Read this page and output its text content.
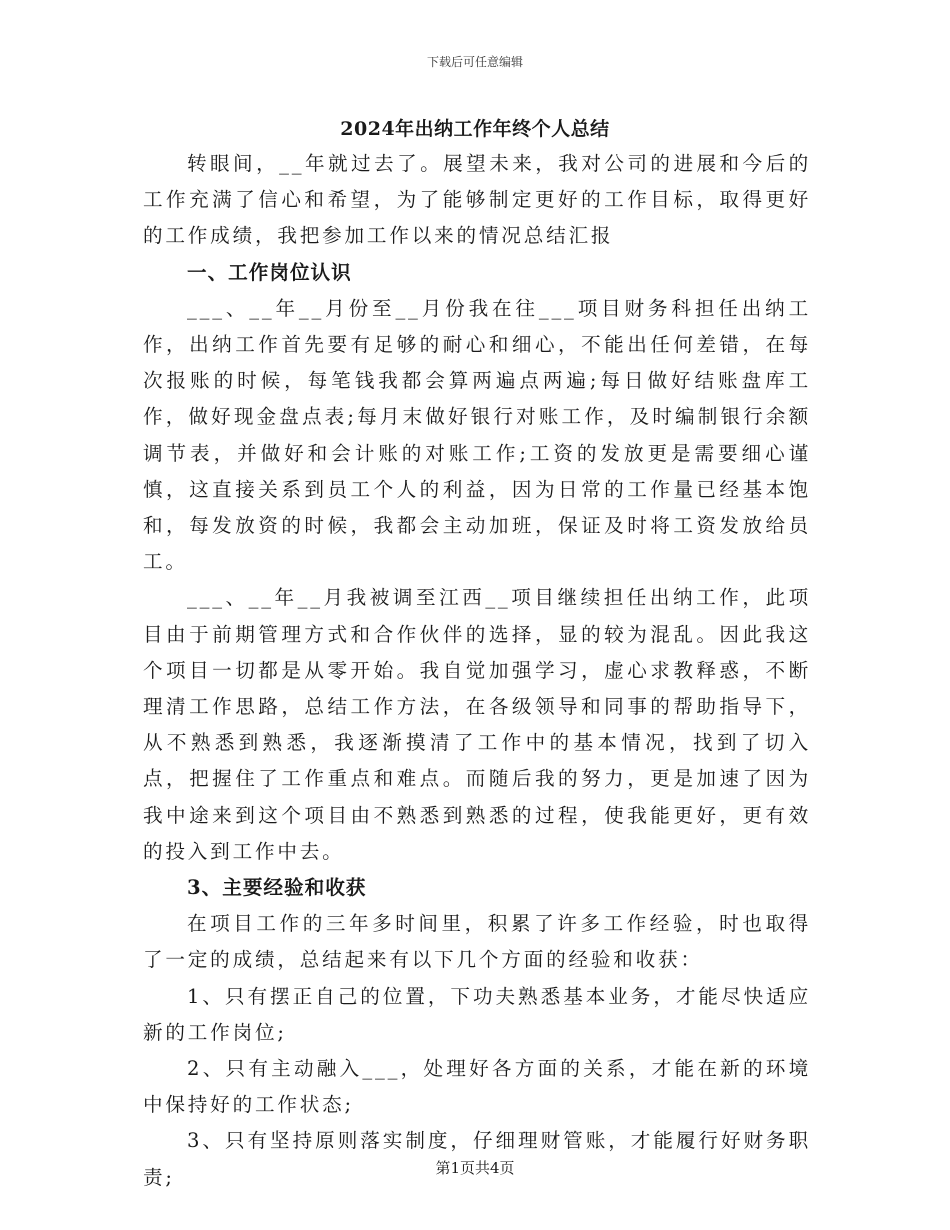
下载后可任意编辑
2024年出纳工作年终个人总结

转眼间，__年就过去了。展望未来，我对公司的进展和今后的工作充满了信心和希望，为了能够制定更好的工作目标，取得更好的工作成绩，我把参加工作以来的情况总结汇报

一、工作岗位认识

___、__年__月份至__月份我在往___项目财务科担任出纳工作，出纳工作首先要有足够的耐心和细心，不能出任何差错，在每次报账的时候，每笔钱我都会算两遍点两遍;每日做好结账盘库工作，做好现金盘点表;每月末做好银行对账工作，及时编制银行余额调节表，并做好和会计账的对账工作;工资的发放更是需要细心谨慎，这直接关系到员工个人的利益，因为日常的工作量已经基本饱和，每发放资的时候，我都会主动加班，保证及时将工资发放给员工。

___、__年__月我被调至江西__项目继续担任出纳工作，此项目由于前期管理方式和合作伙伴的选择，显的较为混乱。因此我这个项目一切都是从零开始。我自觉加强学习，虚心求教释惑，不断理清工作思路，总结工作方法，在各级领导和同事的帮助指导下，从不熟悉到熟悉，我逐渐摸清了工作中的基本情况，找到了切入点，把握住了工作重点和难点。而随后我的努力，更是加速了因为我中途来到这个项目由不熟悉到熟悉的过程，使我能更好，更有效的投入到工作中去。

3、主要经验和收获

在项目工作的三年多时间里，积累了许多工作经验，时也取得了一定的成绩，总结起来有以下几个方面的经验和收获：

1、只有摆正自己的位置，下功夫熟悉基本业务，才能尽快适应新的工作岗位;

2、只有主动融入___，处理好各方面的关系，才能在新的环境中保持好的工作状态;

3、只有坚持原则落实制度，仔细理财管账，才能履行好财务职责;	第1页共4页
